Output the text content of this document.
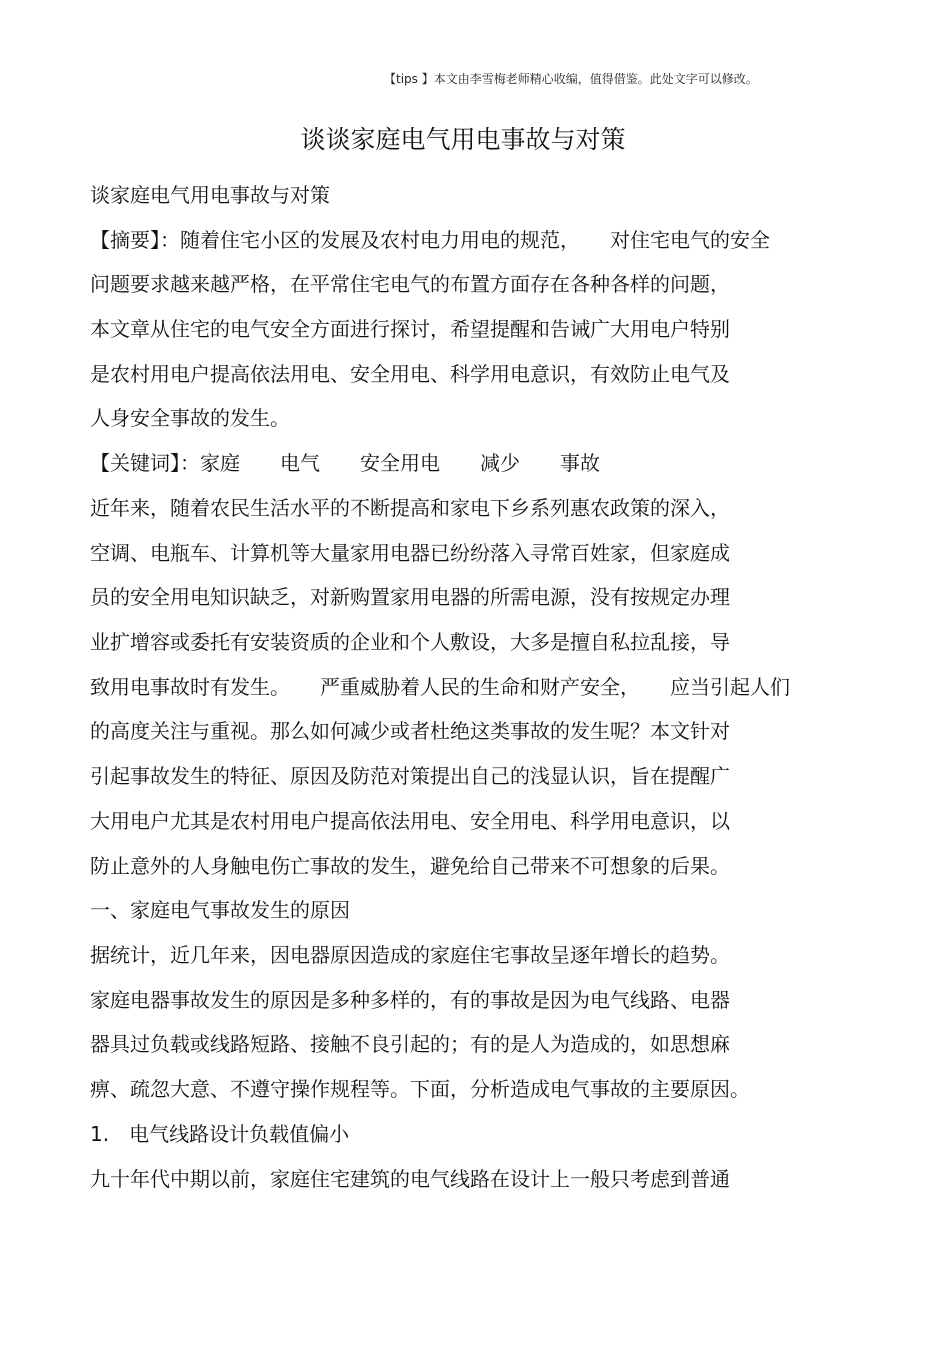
【tips 】本文由李雪梅老师精心收编，值得借鉴。此处文字可以修改。
谈谈家庭电气用电事故与对策
谈家庭电气用电事故与对策
【摘要】：随着住宅小区的发展及农村电力用电的规范，　　对住宅电气的安全
问题要求越来越严格，在平常住宅电气的布置方面存在各种各样的问题，
本文章从住宅的电气安全方面进行探讨，希望提醒和告诫广大用电户特别
是农村用电户提高依法用电、安全用电、科学用电意识，有效防止电气及
人身安全事故的发生。
【关键词】：家庭　　电气　　安全用电　　减少　　事故
近年来，随着农民生活水平的不断提高和家电下乡系列惠农政策的深入，
空调、电瓶车、计算机等大量家用电器已纷纷落入寻常百姓家，但家庭成
员的安全用电知识缺乏，对新购置家用电器的所需电源，没有按规定办理
业扩增容或委托有安装资质的企业和个人敷设，大多是擅自私拉乱接，导
致用电事故时有发生。　　严重威胁着人民的生命和财产安全，　　应当引起人们
的高度关注与重视。那么如何减少或者杜绝这类事故的发生呢？本文针对
引起事故发生的特征、原因及防范对策提出自己的浅显认识，旨在提醒广
大用电户尤其是农村用电户提高依法用电、安全用电、科学用电意识，以
防止意外的人身触电伤亡事故的发生，避免给自己带来不可想象的后果。
一、家庭电气事故发生的原因
据统计，近几年来，因电器原因造成的家庭住宅事故呈逐年增长的趋势。
家庭电器事故发生的原因是多种多样的，有的事故是因为电气线路、电器
器具过负载或线路短路、接触不良引起的；有的是人为造成的，如思想麻
痹、疏忽大意、不遵守操作规程等。下面，分析造成电气事故的主要原因。
1.　电气线路设计负载值偏小
九十年代中期以前，家庭住宅建筑的电气线路在设计上一般只考虑到普通
